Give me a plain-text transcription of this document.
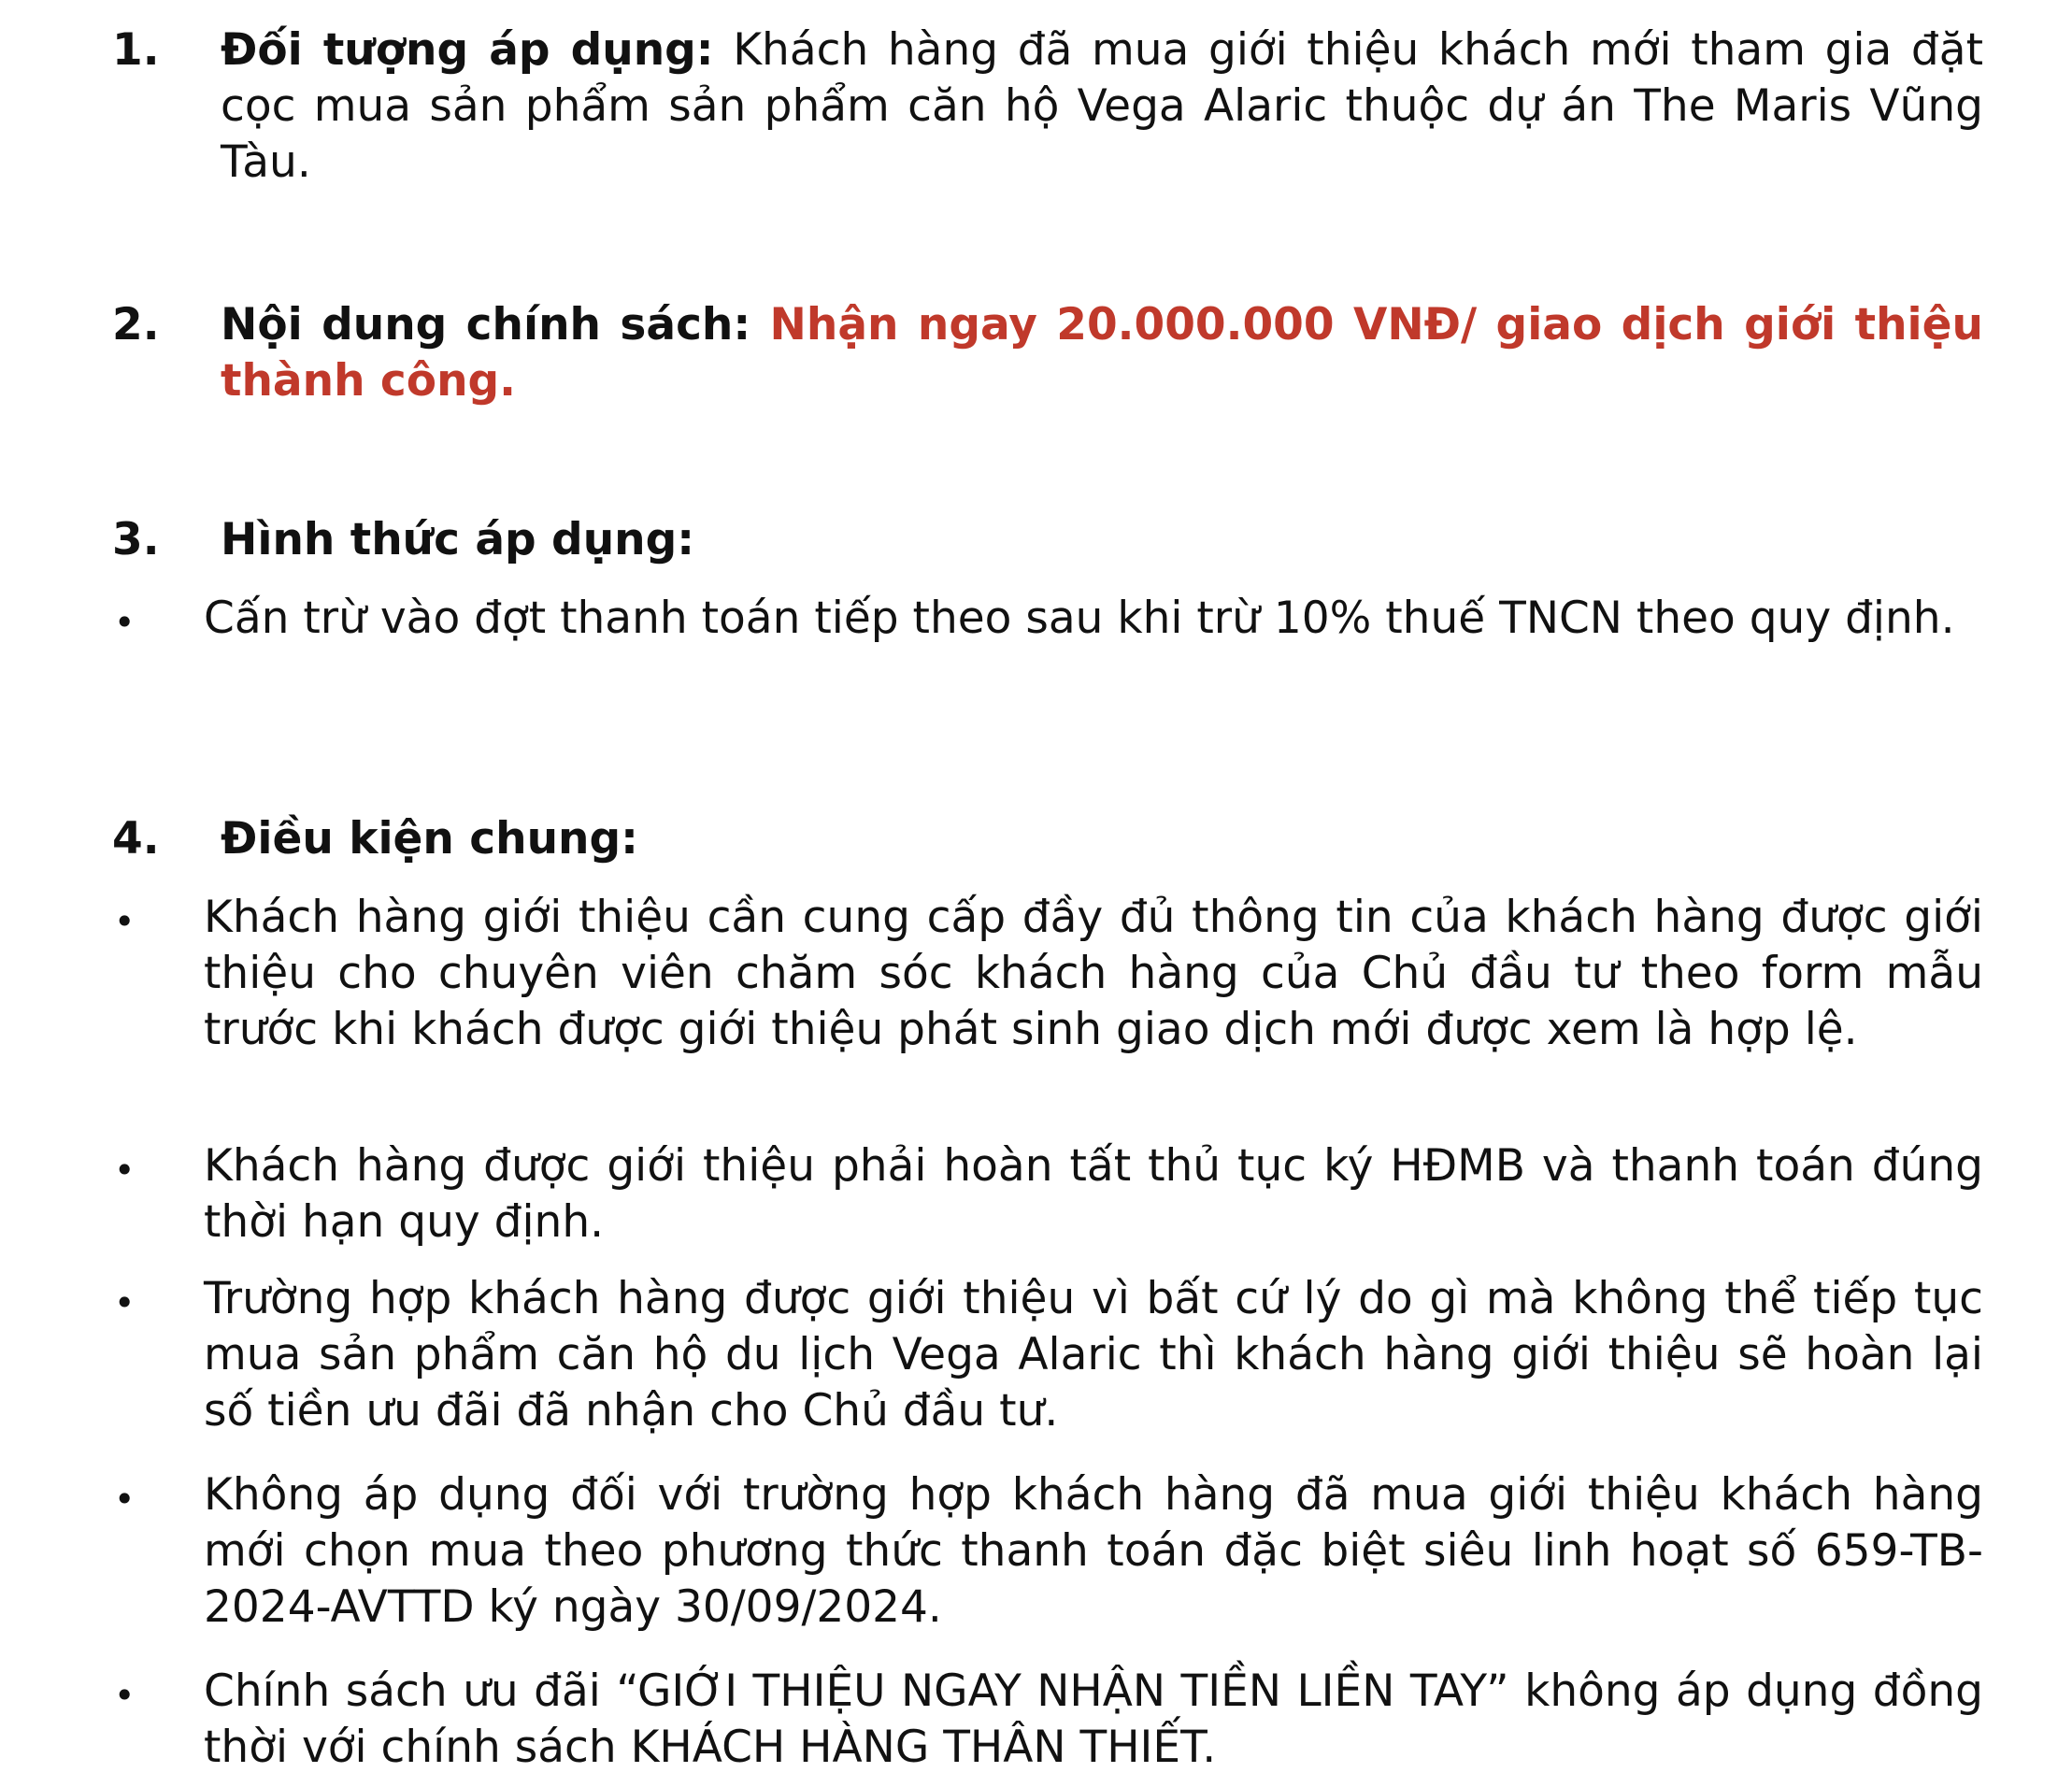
1. Đối tượng áp dụng: Khách hàng đã mua giới thiệu khách mới tham gia đặt cọc mua sản phẩm sản phẩm căn hộ Vega Alaric thuộc dự án The Maris Vũng Tàu.

2. Nội dung chính sách: Nhận ngay 20.000.000 VNĐ/ giao dịch giới thiệu thành công.

3. Hình thức áp dụng:

• Cấn trừ vào đợt thanh toán tiếp theo sau khi trừ 10% thuế TNCN theo quy định.

4. Điều kiện chung:

• Khách hàng giới thiệu cần cung cấp đầy đủ thông tin của khách hàng được giới thiệu cho chuyên viên chăm sóc khách hàng của Chủ đầu tư theo form mẫu trước khi khách được giới thiệu phát sinh giao dịch mới được xem là hợp lệ.

• Khách hàng được giới thiệu phải hoàn tất thủ tục ký HĐMB và thanh toán đúng thời hạn quy định.

• Trường hợp khách hàng được giới thiệu vì bất cứ lý do gì mà không thể tiếp tục mua sản phẩm căn hộ du lịch Vega Alaric thì khách hàng giới thiệu sẽ hoàn lại số tiền ưu đãi đã nhận cho Chủ đầu tư.

• Không áp dụng đối với trường hợp khách hàng đã mua giới thiệu khách hàng mới chọn mua theo phương thức thanh toán đặc biệt siêu linh hoạt số 659-TB-2024-AVTTD ký ngày 30/09/2024.

• Chính sách ưu đãi “GIỚI THIỆU NGAY NHẬN TIỀN LIỀN TAY” không áp dụng đồng thời với chính sách KHÁCH HÀNG THÂN THIẾT.
